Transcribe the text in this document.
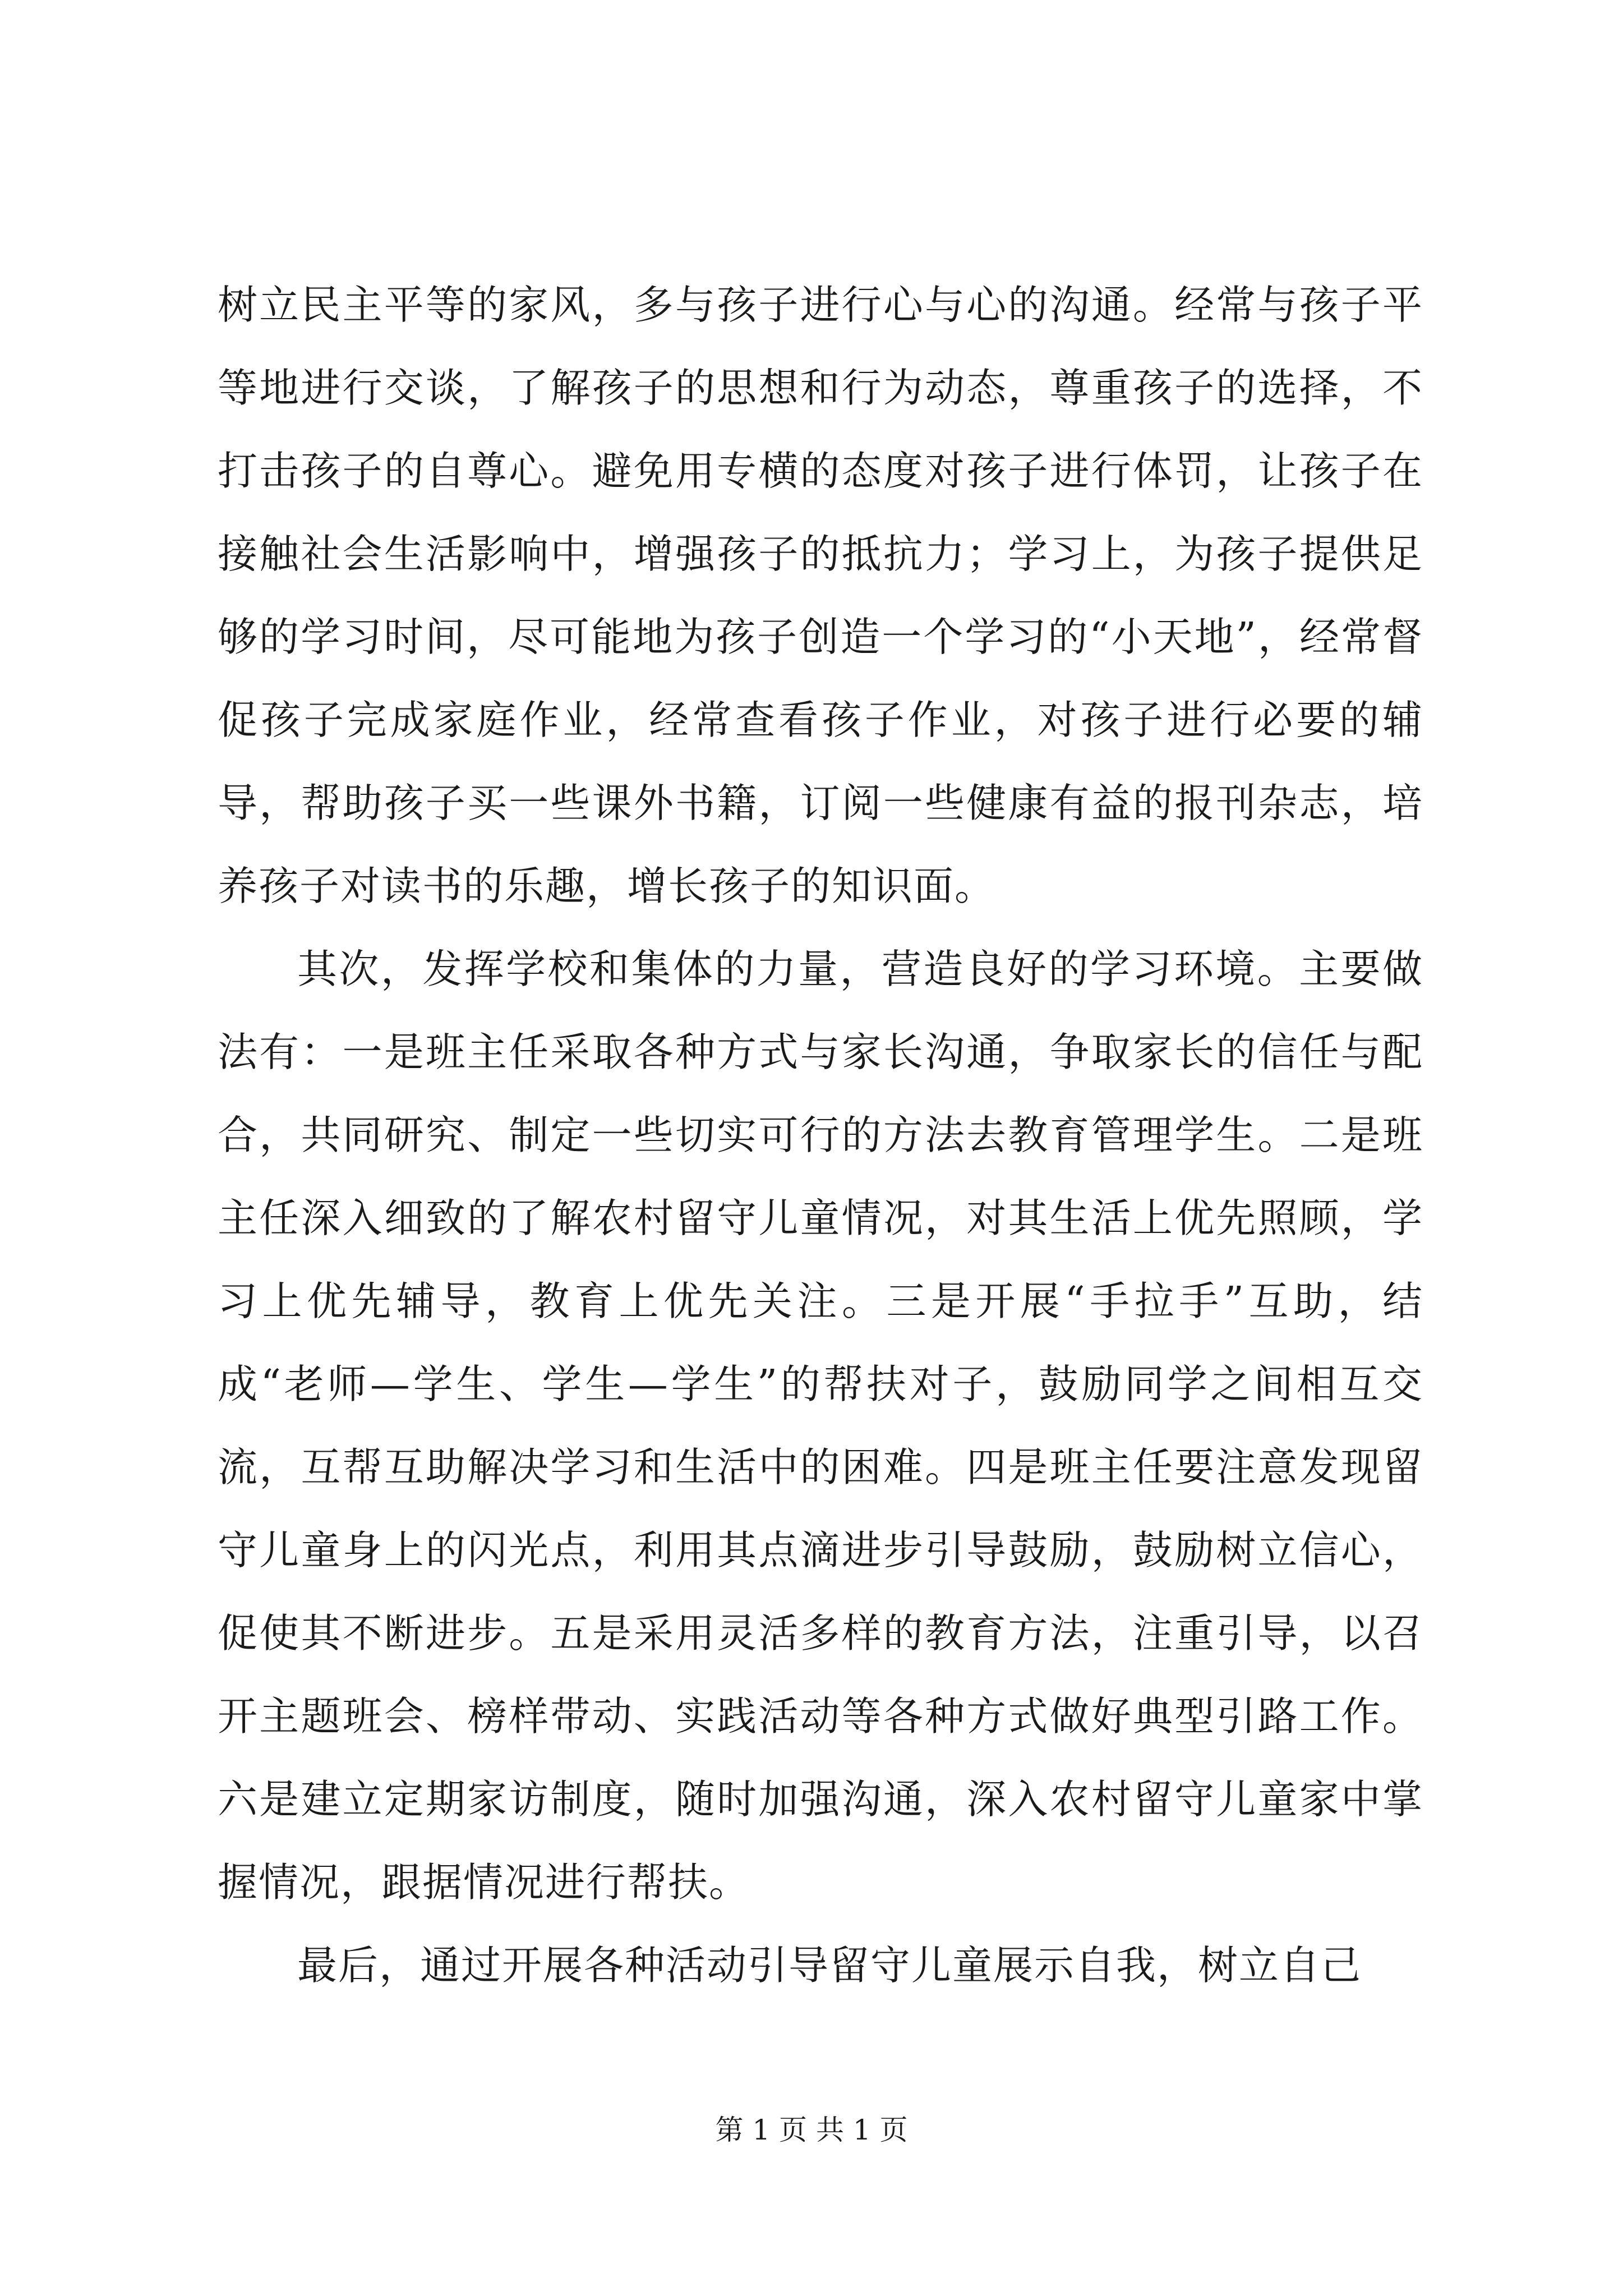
树立民主平等的家风，多与孩子进行心与心的沟通。经常与孩子平等地进行交谈，了解孩子的思想和行为动态，尊重孩子的选择，不打击孩子的自尊心。避免用专横的态度对孩子进行体罚，让孩子在接触社会生活影响中，增强孩子的抵抗力；学习上，为孩子提供足够的学习时间，尽可能地为孩子创造一个学习的“小天地”，经常督促孩子完成家庭作业，经常查看孩子作业，对孩子进行必要的辅导，帮助孩子买一些课外书籍，订阅一些健康有益的报刊杂志，培养孩子对读书的乐趣，增长孩子的知识面。

其次，发挥学校和集体的力量，营造良好的学习环境。主要做法有：一是班主任采取各种方式与家长沟通，争取家长的信任与配合，共同研究、制定一些切实可行的方法去教育管理学生。二是班主任深入细致的了解农村留守儿童情况，对其生活上优先照顾，学习上优先辅导，教育上优先关注。三是开展“手拉手”互助，结成“老师—学生、学生—学生”的帮扶对子，鼓励同学之间相互交流，互帮互助解决学习和生活中的困难。四是班主任要注意发现留守儿童身上的闪光点，利用其点滴进步引导鼓励，鼓励树立信心，促使其不断进步。五是采用灵活多样的教育方法，注重引导，以召开主题班会、榜样带动、实践活动等各种方式做好典型引路工作。六是建立定期家访制度，随时加强沟通，深入农村留守儿童家中掌握情况，跟据情况进行帮扶。

最后，通过开展各种活动引导留守儿童展示自我，树立自己

第 1 页 共 1 页
